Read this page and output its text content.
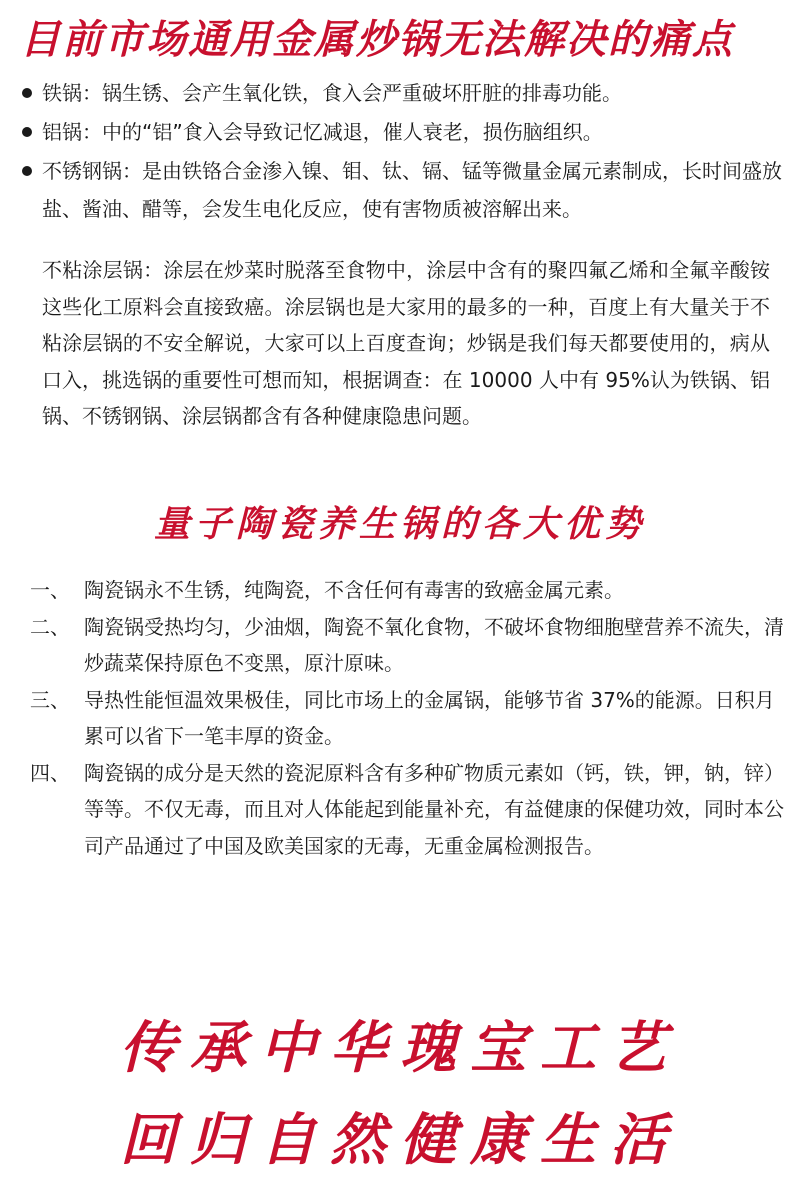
目前市场通用金属炒锅无法解决的痛点
铁锅：锅生锈、会产生氧化铁，食入会严重破坏肝脏的排毒功能。
铝锅：中的“铝”食入会导致记忆减退，催人衰老，损伤脑组织。
不锈钢锅：是由铁铬合金渗入镍、钼、钛、镉、锰等微量金属元素制成，长时间盛放盐、酱油、醋等，会发生电化反应，使有害物质被溶解出来。

不粘涂层锅：涂层在炒菜时脱落至食物中，涂层中含有的聚四氟乙烯和全氟辛酸铵这些化工原料会直接致癌。涂层锅也是大家用的最多的一种，百度上有大量关于不粘涂层锅的不安全解说，大家可以上百度查询；炒锅是我们每天都要使用的，病从口入，挑选锅的重要性可想而知，根据调查：在 10000 人中有 95%认为铁锅、铝锅、不锈钢锅、涂层锅都含有各种健康隐患问题。

量子陶瓷养生锅的各大优势
一、 陶瓷锅永不生锈，纯陶瓷，不含任何有毒害的致癌金属元素。
二、 陶瓷锅受热均匀，少油烟，陶瓷不氧化食物，不破坏食物细胞壁营养不流失，清炒蔬菜保持原色不变黑，原汁原味。
三、 导热性能恒温效果极佳，同比市场上的金属锅，能够节省 37%的能源。日积月累可以省下一笔丰厚的资金。
四、 陶瓷锅的成分是天然的瓷泥原料含有多种矿物质元素如（钙，铁，钾，钠，锌）等等。不仅无毒，而且对人体能起到能量补充，有益健康的保健功效，同时本公司产品通过了中国及欧美国家的无毒，无重金属检测报告。
传承中华瑰宝工艺
回归自然健康生活
